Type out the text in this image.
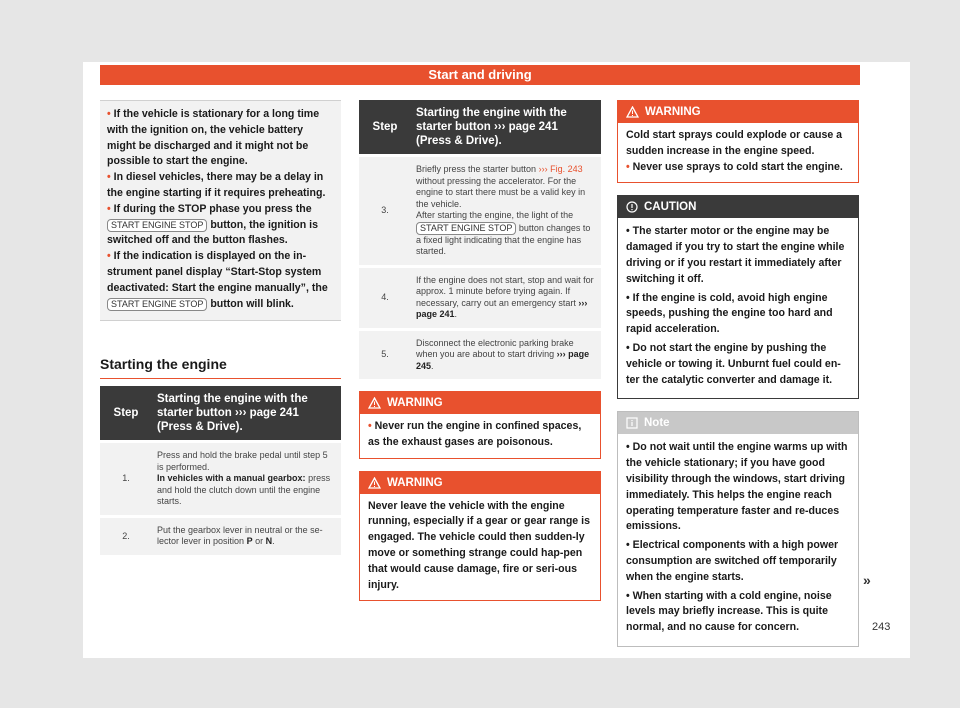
Start and driving

• If the vehicle is stationary for a long time with the ignition on, the vehicle battery might be discharged and it might not be possible to start the engine.

• In diesel vehicles, there may be a delay in the engine starting if it requires preheating.

• If during the STOP phase you press the START ENGINE STOP button, the ignition is switched off and the button flashes.

• If the indication is displayed on the in-strument panel display “Start-Stop system deactivated: Start the engine manually”, the START ENGINE STOP button will blink.

Starting the engine
Step	Starting the engine with the starter button ››› page 241 (Press & Drive).
1.	Press and hold the brake pedal until step 5 is performed.
In vehicles with a manual gearbox: press and hold the clutch down until the engine starts.
2.	Put the gearbox lever in neutral or the se-lector lever in position P or N.
Step	Starting the engine with the starter button ››› page 241 (Press & Drive).
3.	Briefly press the starter button ››› Fig. 243 without pressing the accelerator. For the engine to start there must be a valid key in the vehicle.
After starting the engine, the light of the START ENGINE STOP button changes to a fixed light indicating that the engine has started.
4.	If the engine does not start, stop and wait for approx. 1 minute before trying again. If necessary, carry out an emergency start ››› page 241.
5.	Disconnect the electronic parking brake when you are about to start driving ››› page 245.
WARNING

• Never run the engine in confined spaces, as the exhaust gases are poisonous.

WARNING

Never leave the vehicle with the engine running, especially if a gear or gear range is engaged. The vehicle could then sudden-ly move or something strange could hap-pen that would cause damage, fire or seri-ous injury.

WARNING

Cold start sprays could explode or cause a sudden increase in the engine speed.

• Never use sprays to cold start the engine.

CAUTION

• The starter motor or the engine may be damaged if you try to start the engine while driving or if you restart it immediately after switching it off.

• If the engine is cold, avoid high engine speeds, pushing the engine too hard and rapid acceleration.

• Do not start the engine by pushing the vehicle or towing it. Unburnt fuel could en-ter the catalytic converter and damage it.

Note

• Do not wait until the engine warms up with the vehicle stationary; if you have good visibility through the windows, start driving immediately. This helps the engine reach operating temperature faster and re-duces emissions.

• Electrical components with a high power consumption are switched off temporarily when the engine starts.

• When starting with a cold engine, noise levels may briefly increase. This is quite normal, and no cause for concern.

»
243
